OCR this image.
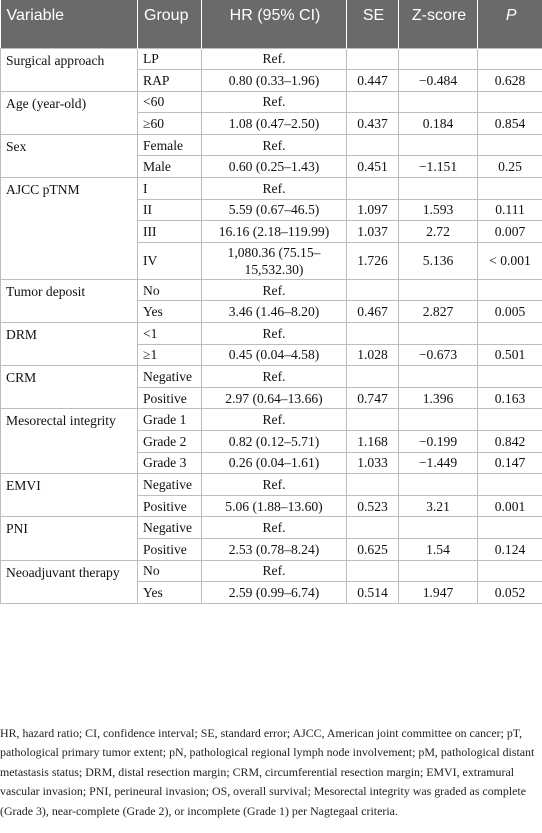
Variable	Group	HR (95% CI)	SE	Z-score	P
Surgical approach	LP	Ref.			
	RAP	0.80 (0.33–1.96)	0.447	−0.484	0.628
Age (year-old)	<60	Ref.			
	≥60	1.08 (0.47–2.50)	0.437	0.184	0.854
Sex	Female	Ref.			
	Male	0.60 (0.25–1.43)	0.451	−1.151	0.25
AJCC pTNM	I	Ref.			
	II	5.59 (0.67–46.5)	1.097	1.593	0.111
	III	16.16 (2.18–119.99)	1.037	2.72	0.007
	IV	1,080.36 (75.15–15,532.30)	1.726	5.136	< 0.001
Tumor deposit	No	Ref.			
	Yes	3.46 (1.46–8.20)	0.467	2.827	0.005
DRM	<1	Ref.			
	≥1	0.45 (0.04–4.58)	1.028	−0.673	0.501
CRM	Negative	Ref.			
	Positive	2.97 (0.64–13.66)	0.747	1.396	0.163
Mesorectal integrity	Grade 1	Ref.			
	Grade 2	0.82 (0.12–5.71)	1.168	−0.199	0.842
	Grade 3	0.26 (0.04–1.61)	1.033	−1.449	0.147
EMVI	Negative	Ref.			
	Positive	5.06 (1.88–13.60)	0.523	3.21	0.001
PNI	Negative	Ref.			
	Positive	2.53 (0.78–8.24)	0.625	1.54	0.124
Neoadjuvant therapy	No	Ref.			
	Yes	2.59 (0.99–6.74)	0.514	1.947	0.052

HR, hazard ratio; CI, confidence interval; SE, standard error; AJCC, American joint committee on cancer; pT, pathological primary tumor extent; pN, pathological regional lymph node involvement; pM, pathological distant metastasis status; DRM, distal resection margin; CRM, circumferential resection margin; EMVI, extramural vascular invasion; PNI, perineural invasion; OS, overall survival; Mesorectal integrity was graded as complete (Grade 3), near-complete (Grade 2), or incomplete (Grade 1) per Nagtegaal criteria.
